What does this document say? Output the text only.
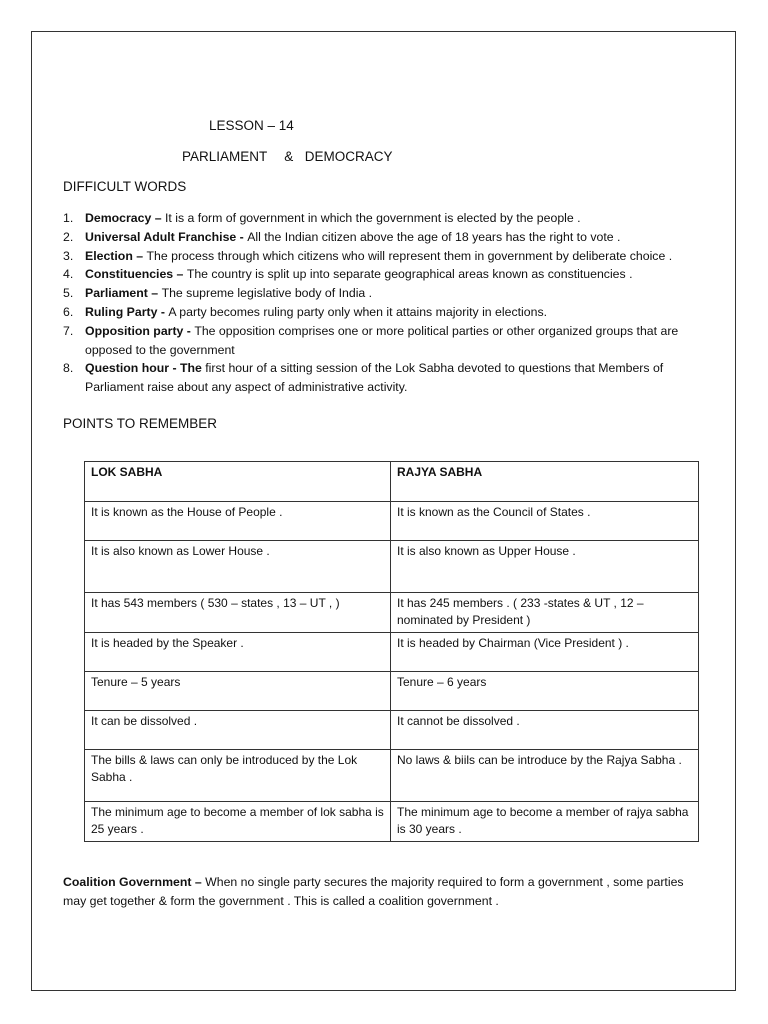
LESSON – 14
PARLIAMENT   &  DEMOCRACY
DIFFICULT WORDS
1. Democracy – It is a form of government in which the government is elected by the people .
2. Universal Adult Franchise - All the Indian citizen above the age of 18 years has the right to vote .
3. Election – The process through which citizens who will represent them in government by deliberate choice .
4. Constituencies – The country is split up into separate geographical areas known as constituencies .
5. Parliament – The supreme legislative body of India .
6. Ruling Party - A party becomes ruling party only when it attains majority in elections.
7. Opposition party - The opposition comprises one or more political parties or other organized groups that are opposed to the government
8. Question hour - The first hour of a sitting session of the Lok Sabha devoted to questions that Members of Parliament raise about any aspect of administrative activity.
POINTS TO REMEMBER
LOK SABHA	RAJYA SABHA
It is known as the House of People .	It is known as the Council of States .
It is also known as Lower House .	It is also known as Upper House .
It has 543 members ( 530 – states , 13 – UT , )	It has 245 members . ( 233 -states & UT , 12 – nominated by President )
It is headed by the Speaker .	It is headed by Chairman (Vice President ) .
Tenure – 5 years	Tenure – 6 years
It can be dissolved .	It cannot be dissolved .
The bills & laws can only be introduced by the Lok Sabha .	No laws & biils can be introduce by the Rajya Sabha .
The minimum age to become a member of lok sabha is 25 years .	The minimum age to become a member of rajya sabha is 30 years .
Coalition Government – When no single party secures the majority required to form a government , some parties may get together & form the government . This is called a coalition government .
